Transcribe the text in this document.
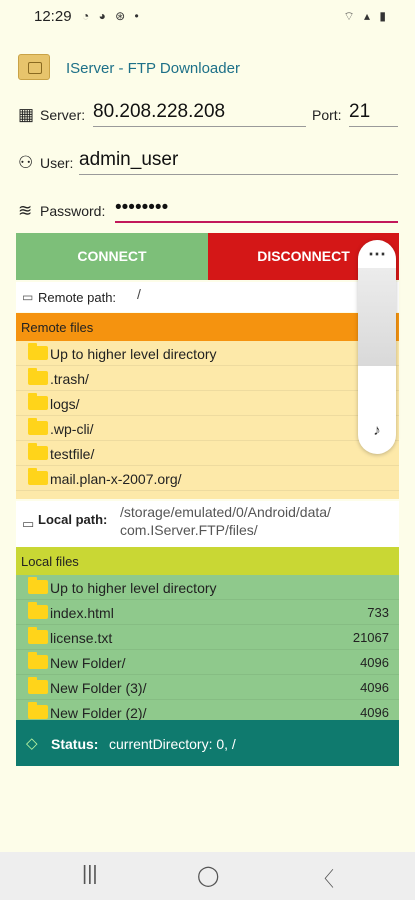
12:29 ◔ ◕ ⊛ •	⌔ ▴ ▮
IServer - FTP Downloader
▦ Server: 80.208.228.208	Port: 21
⚇ User: admin_user
≋ Password: ••••••••
CONNECT	DISCONNECT
▭ Remote path: /
Remote files
Up to higher level directory
.trash/
logs/
.wp-cli/
testfile/
mail.plan-x-2007.org/
▭ Local path: /storage/emulated/0/Android/data/
com.IServer.FTP/files/
Local files
Up to higher level directory
index.html	733
license.txt	21067
New Folder/	4096
New Folder (3)/	4096
New Folder (2)/	4096
◇ Status: currentDirectory: 0, /
⋯
♪
|||	◯	〈
